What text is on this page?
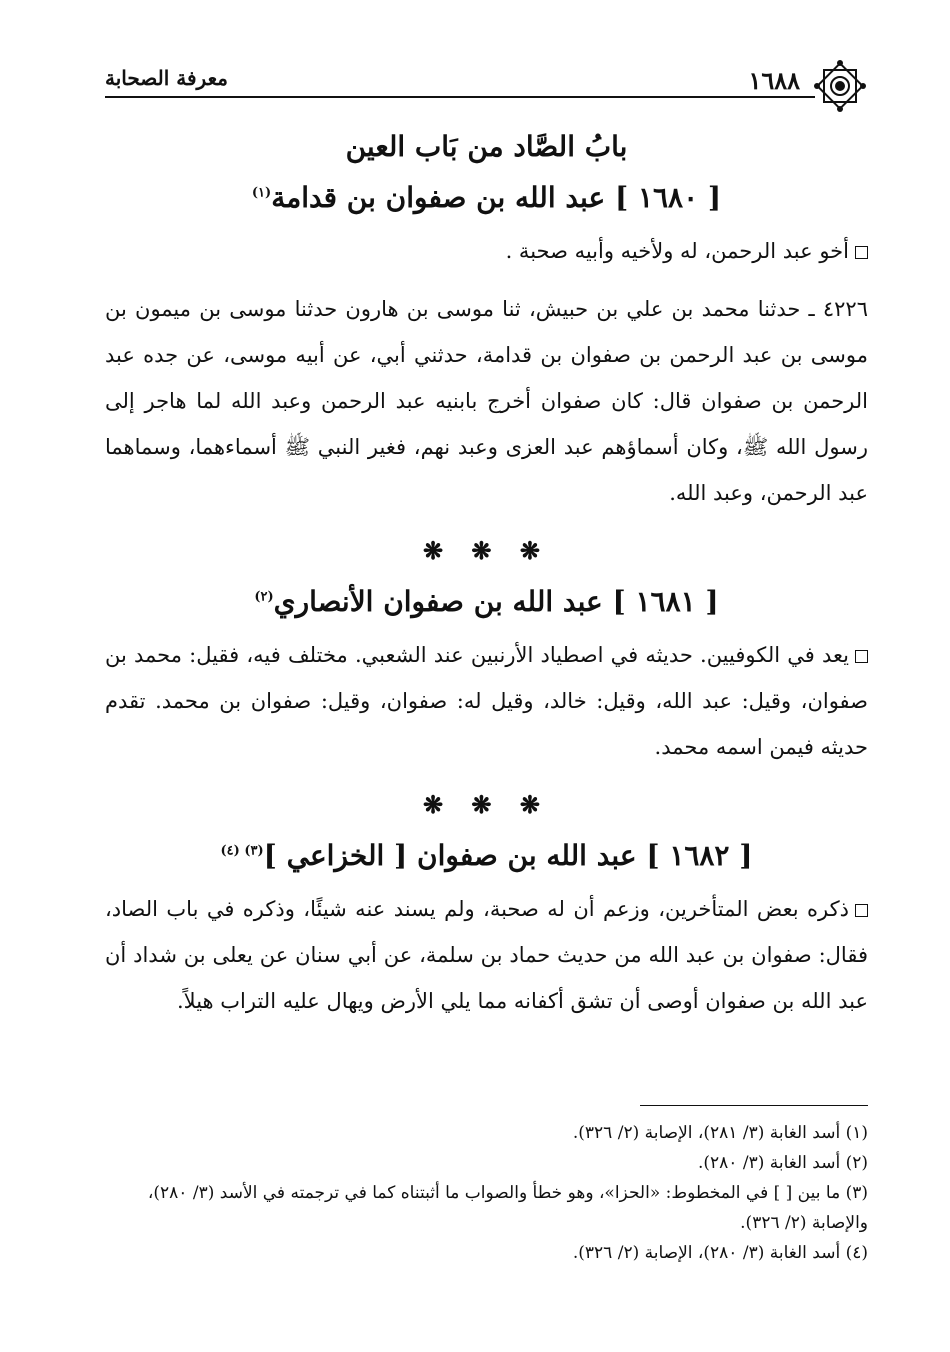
١٦٨٨
معرفة الصحابة
بابُ الصَّاد من بَاب العين
[ ١٦٨٠ ] عبد الله بن صفوان بن قدامة$^{(١)}$

أخو عبد الرحمن، له ولأخيه وأبيه صحبة .

٤٢٢٦ ـ حدثنا محمد بن علي بن حبيش، ثنا موسى بن هارون حدثنا موسى بن ميمون بن موسى بن عبد الرحمن بن صفوان بن قدامة، حدثني أبي، عن أبيه موسى، عن جده عبد الرحمن بن صفوان قال: كان صفوان أخرج بابنيه عبد الرحمن وعبد الله لما هاجر إلى رسول الله ﷺ، وكان أسماؤهم عبد العزى وعبد نهم، فغير النبي ﷺ أسماءهما، وسماهما عبد الرحمن، وعبد الله.

❋ ❋ ❋
[ ١٦٨١ ] عبد الله بن صفوان الأنصاري$^{(٢)}$

يعد في الكوفيين. حديثه في اصطياد الأرنبين عند الشعبي. مختلف فيه، فقيل: محمد بن صفوان، وقيل: عبد الله، وقيل: خالد، وقيل له: صفوان، وقيل: صفوان بن محمد. تقدم حديثه فيمن اسمه محمد.

❋ ❋ ❋
[ ١٦٨٢ ] عبد الله بن صفوان [ الخزاعي ]$^{(٣) (٤)}$

ذكره بعض المتأخرين، وزعم أن له صحبة، ولم يسند عنه شيئًا، وذكره في باب الصاد، فقال: صفوان بن عبد الله من حديث حماد بن سلمة، عن أبي سنان عن يعلى بن شداد أن عبد الله بن صفوان أوصى أن تشق أكفانه مما يلي الأرض ويهال عليه التراب هيلاً.

(١) أسد الغابة (٣/ ٢٨١)، الإصابة (٢/ ٣٢٦).

(٢) أسد الغابة (٣/ ٢٨٠).

(٣) ما بين [ ] في المخطوط: «الحزا»، وهو خطأ والصواب ما أثبتناه كما في ترجمته في الأسد (٣/ ٢٨٠)، والإصابة (٢/ ٣٢٦).

(٤) أسد الغابة (٣/ ٢٨٠)، الإصابة (٢/ ٣٢٦).
